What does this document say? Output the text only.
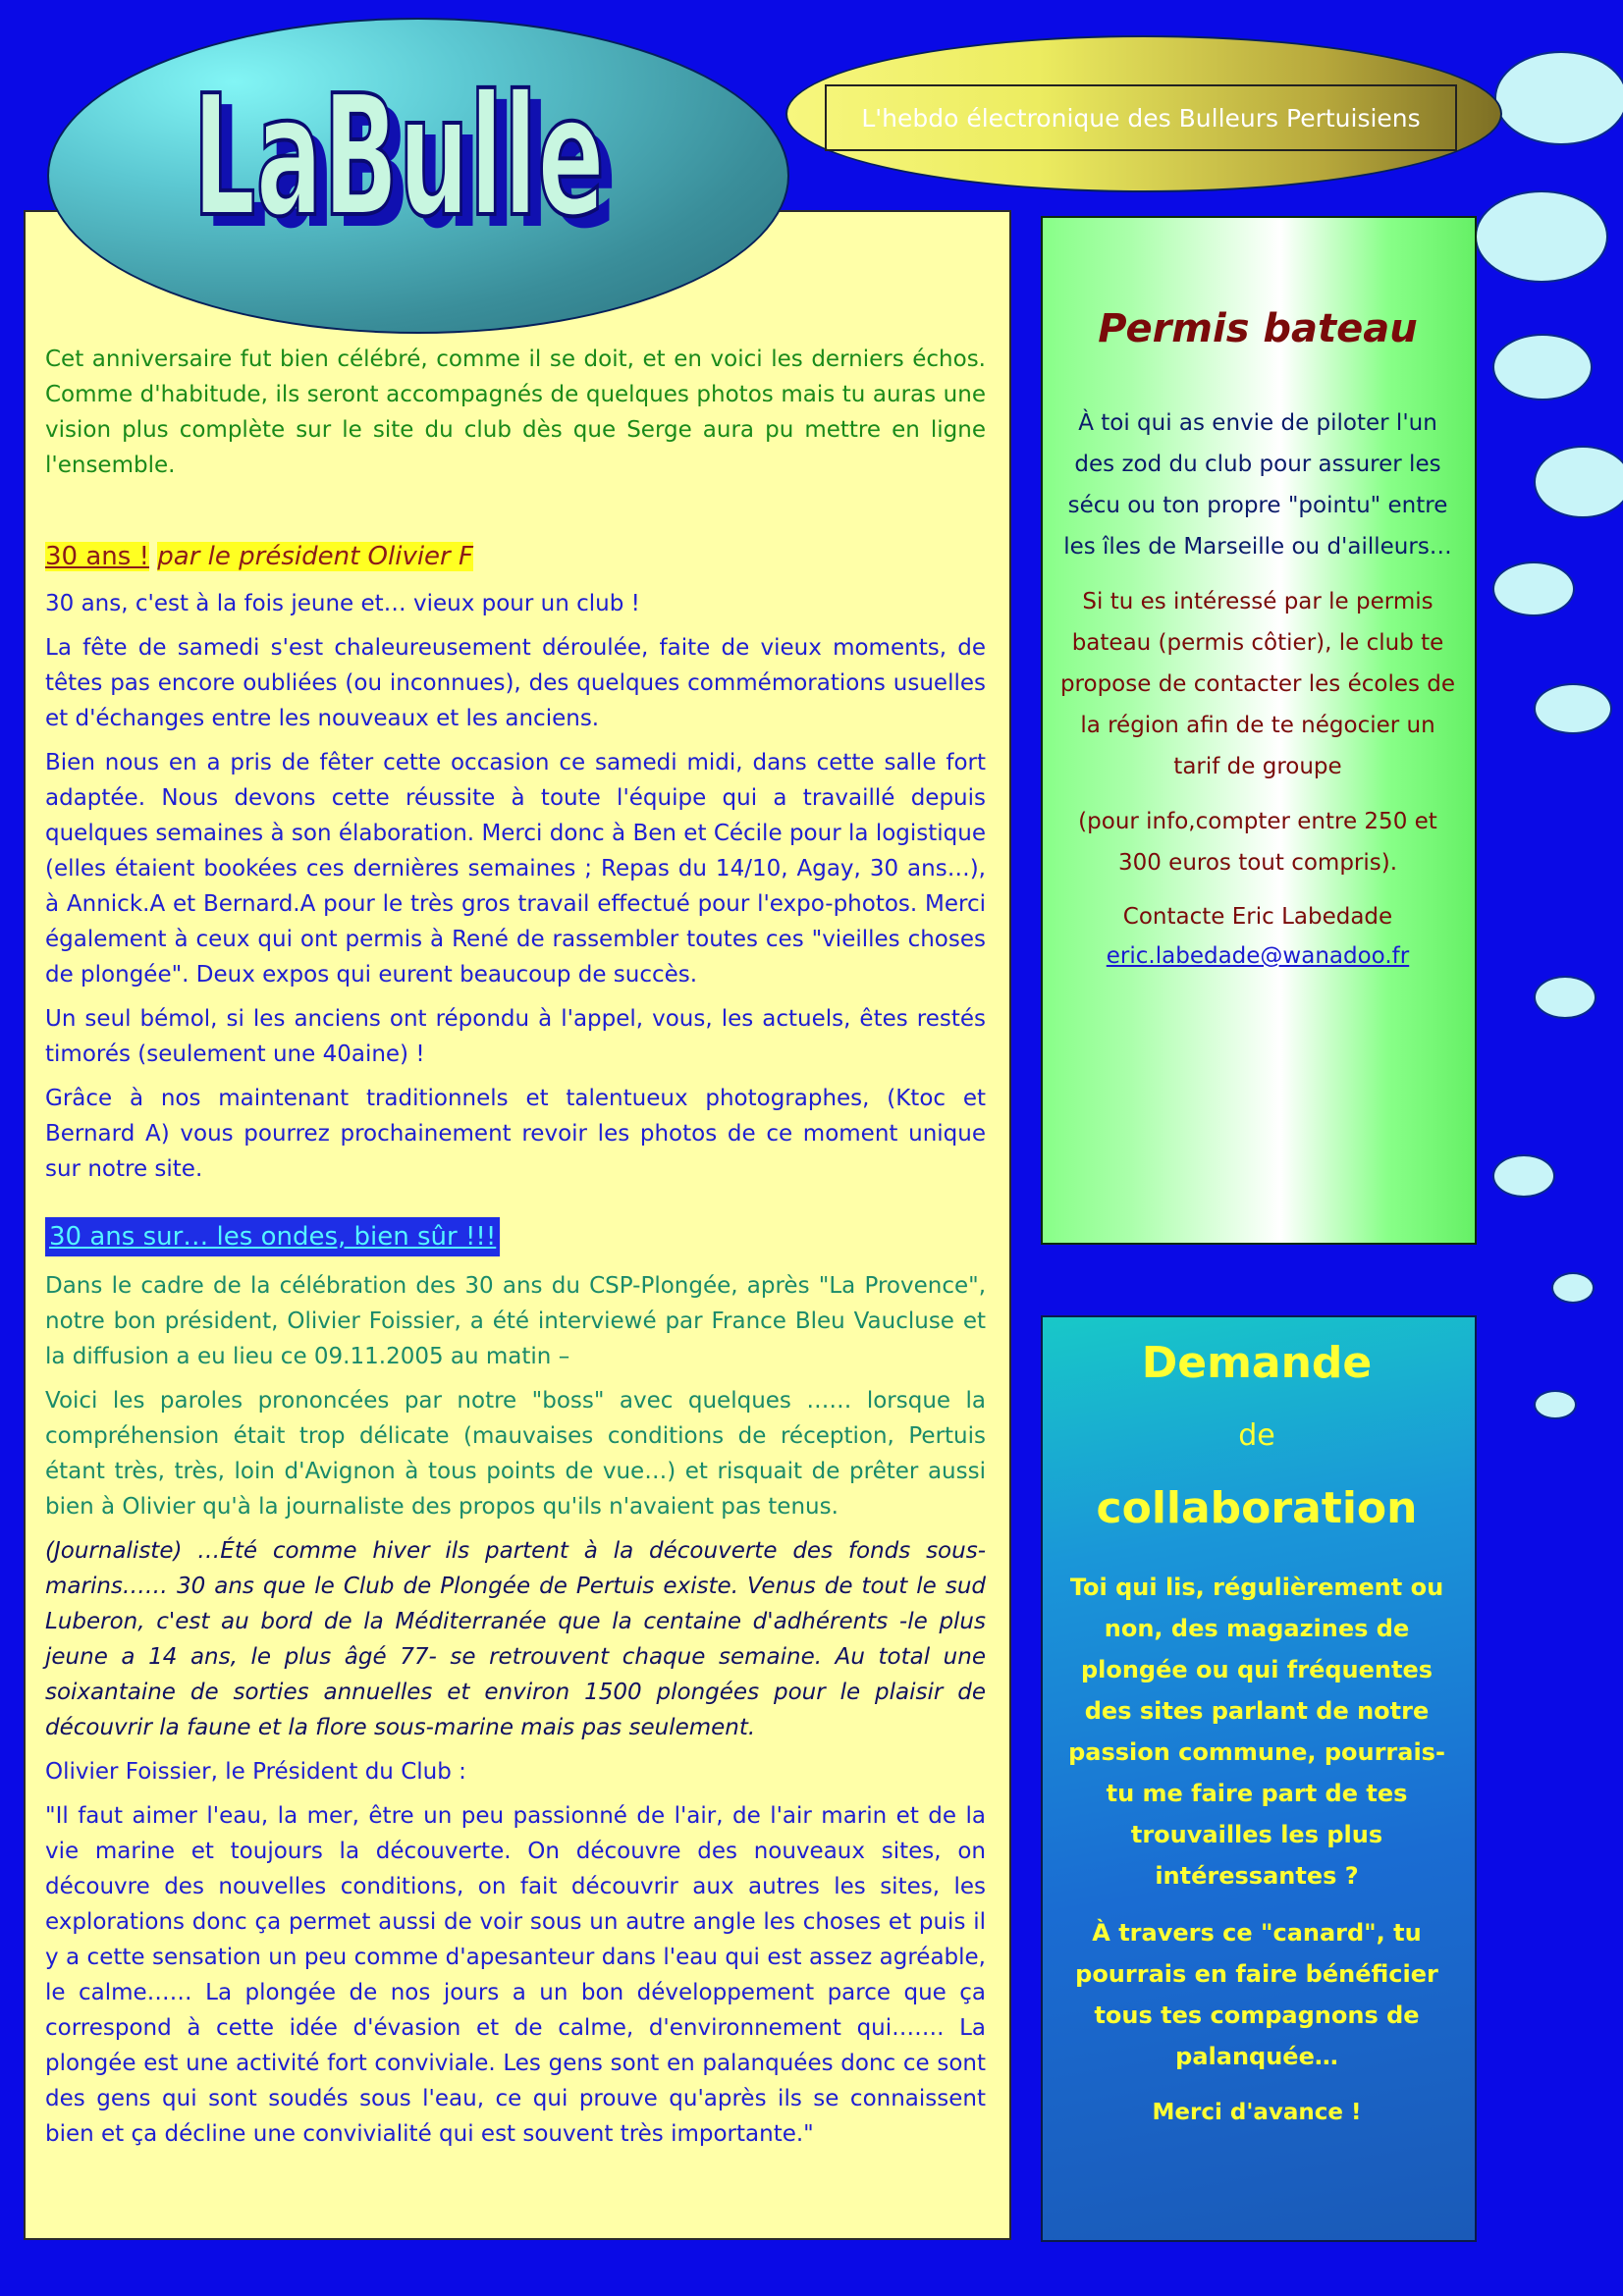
L'hebdo électronique des Bulleurs Pertuisiens
LaBulle
LaBulle

Cet anniversaire fut bien célébré, comme il se doit, et en voici les derniers échos. Comme d'habitude, ils seront accompagnés de quelques photos mais tu auras une vision plus complète sur le site du club dès que Serge aura pu mettre en ligne l'ensemble.

30 ans ! par le président Olivier F

30 ans, c'est à la fois jeune et… vieux pour un club !

La fête de samedi s'est chaleureusement déroulée, faite de vieux moments, de têtes pas encore oubliées (ou inconnues), des quelques commémorations usuelles et d'échanges entre les nouveaux et les anciens.

Bien nous en a pris de fêter cette occasion ce samedi midi, dans cette salle fort adaptée. Nous devons cette réussite à toute l'équipe qui a travaillé depuis quelques semaines à son élaboration. Merci donc à Ben et Cécile pour la logistique (elles étaient bookées ces dernières semaines ; Repas du 14/10, Agay, 30 ans…), à Annick.A et Bernard.A pour le très gros travail effectué pour l'expo-photos. Merci également à ceux qui ont permis à René de rassembler toutes ces "vieilles choses de plongée". Deux expos qui eurent beaucoup de succès.

Un seul bémol, si les anciens ont répondu à l'appel, vous, les actuels, êtes restés timorés (seulement une 40aine) !

Grâce à nos maintenant traditionnels et talentueux photographes, (Ktoc et Bernard A) vous pourrez prochainement revoir les photos de ce moment unique sur notre site.

30 ans sur… les ondes, bien sûr !!!

Dans le cadre de la célébration des 30 ans du CSP-Plongée, après "La Provence", notre bon président, Olivier Foissier, a été interviewé par France Bleu Vaucluse et la diffusion a eu lieu ce 09.11.2005 au matin –

Voici les paroles prononcées par notre "boss" avec quelques …… lorsque la compréhension était trop délicate (mauvaises conditions de réception, Pertuis étant très, très, loin d'Avignon à tous points de vue…) et risquait de prêter aussi bien à Olivier qu'à la journaliste des propos qu'ils n'avaient pas tenus.

(Journaliste) …Été comme hiver ils partent à la découverte des fonds sous-marins…… 30 ans que le Club de Plongée de Pertuis existe. Venus de tout le sud Luberon, c'est au bord de la Méditerranée que la centaine d'adhérents -le plus jeune a 14 ans, le plus âgé 77- se retrouvent chaque semaine. Au total une soixantaine de sorties annuelles et environ 1500 plongées pour le plaisir de découvrir la faune et la flore sous-marine mais pas seulement.

Olivier Foissier, le Président du Club :

"Il faut aimer l'eau, la mer, être un peu passionné de l'air, de l'air marin et de la vie marine et toujours la découverte. On découvre des nouveaux sites, on découvre des nouvelles conditions, on fait découvrir aux autres les sites, les explorations donc ça permet aussi de voir sous un autre angle les choses et puis il y a cette sensation un peu comme d'apesanteur dans l'eau qui est assez agréable, le calme…… La plongée de nos jours a un bon développement parce que ça correspond à cette idée d'évasion et de calme, d'environnement qui……. La plongée est une activité fort conviviale. Les gens sont en palanquées donc ce sont des gens qui sont soudés sous l'eau, ce qui prouve qu'après ils se connaissent bien et ça décline une convivialité qui est souvent très importante."

Permis bateau

À toi qui as envie de piloter l'un des zod du club pour assurer les sécu ou ton propre "pointu" entre les îles de Marseille ou d'ailleurs…

Si tu es intéressé par le permis bateau (permis côtier), le club te propose de contacter les écoles de la région afin de te négocier un tarif de groupe

(pour info,compter entre 250 et 300 euros tout compris).

Contacte Eric Labedade

eric.labedade@wanadoo.fr

Demande

de

collaboration

Toi qui lis, régulièrement ou non, des magazines de plongée ou qui fréquentes des sites parlant de notre passion commune, pourrais-tu me faire part de tes trouvailles les plus intéressantes ?

À travers ce "canard", tu pourrais en faire bénéficier tous tes compagnons de palanquée…

Merci d'avance !
